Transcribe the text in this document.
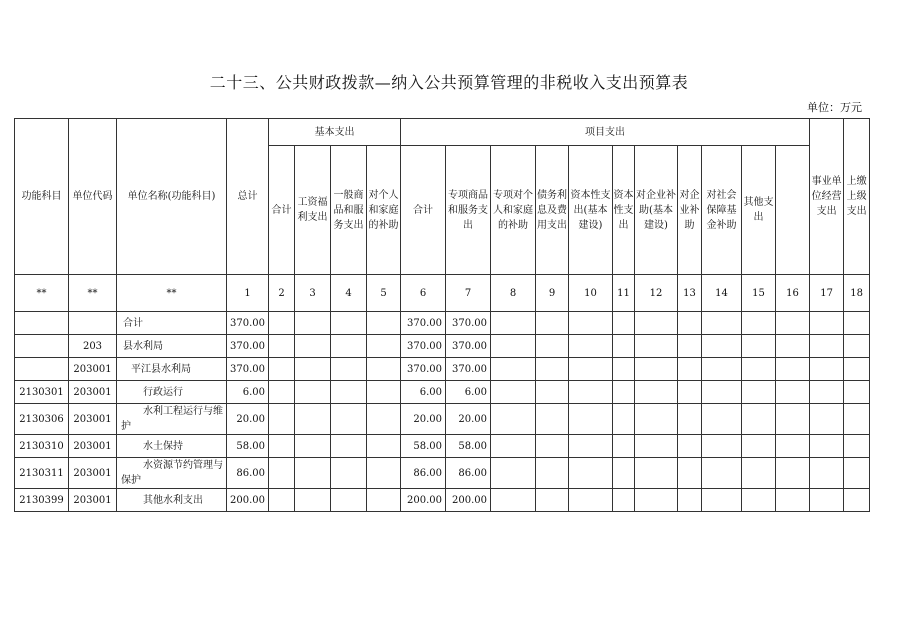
二十三、公共财政拨款—纳入公共预算管理的非税收入支出预算表
单位：万元
功能科目	单位代码	单位名称(功能科目)	总计	基本支出				项目支出											事业单位经营支出	上缴上级支出	
				合计	工资福利支出	一般商品和服务支出	对个人和家庭的补助	合计	专项商品和服务支出	专项对个人和家庭的补助	债务利息及费用支出	资本性支出(基本建设)	资本性支出	对企业补助(基本建设)	对企业补助	对社会保障基金补助	其他支出				
**	**	**	1	2	3	4	5	6	7	8	9	10	11	12	13	14	15	16	17	18	
		合计	370.00					370.00	370.00												
	203	县水利局	370.00					370.00	370.00												
	203001	平江县水利局	370.00					370.00	370.00												
2130301	203001	行政运行	6.00					6.00	6.00												
2130306	203001	水利工程运行与维护	20.00					20.00	20.00												
2130310	203001	水土保持	58.00					58.00	58.00												
2130311	203001	水资源节约管理与保护	86.00					86.00	86.00												
2130399	203001	其他水利支出	200.00					200.00	200.00												
